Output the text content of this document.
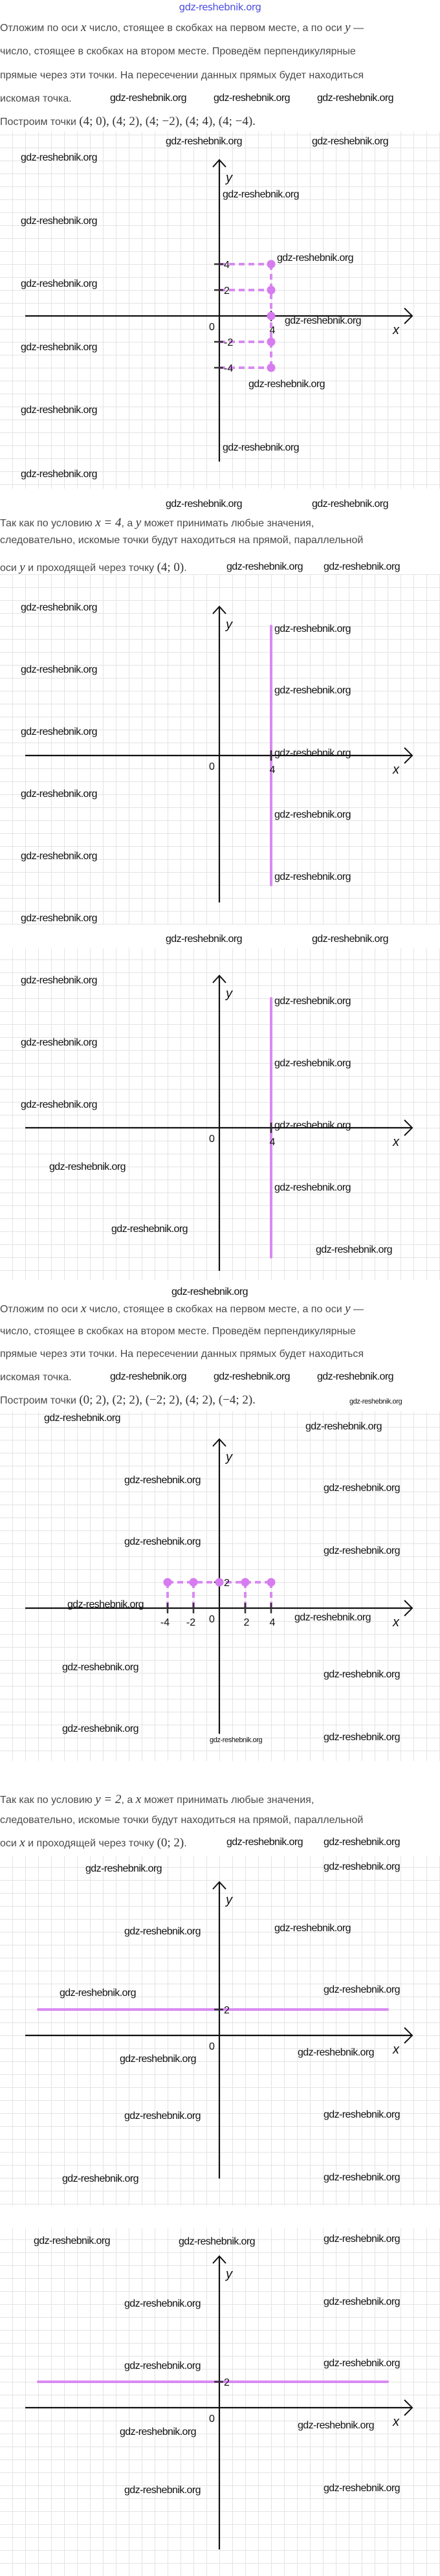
gdz-reshebnik.org
Отложим по оси x число, стоящее в скобках на первом месте, а по оси y —
число, стоящее в скобках на втором месте. Проведём перпендикулярные
прямые через эти точки. На пересечении данных прямых будет находиться
искомая точка.
Построим точки (4; 0), (4; 2), (4; −2), (4; 4), (4; −4).
Так как по условию x = 4, а y может принимать любые значения,
следовательно, искомые точки будут находиться на прямой, параллельной
оси y и проходящей через точку (4; 0).
Отложим по оси x число, стоящее в скобках на первом месте, а по оси y —
число, стоящее в скобках на втором месте. Проведём перпендикулярные
прямые через эти точки. На пересечении данных прямых будет находиться
искомая точка.
Построим точки (0; 2), (2; 2), (−2; 2), (4; 2), (−4; 2).
Так как по условию y = 2, а x может принимать любые значения,
следовательно, искомые точки будут находиться на прямой, параллельной
оси x и проходящей через точку (0; 2).
x
y
0	4
4
2
-2
-4
x
y
0	4
x
y
0	4
x
y
0
-4 -2	2 4
2
x
y
0
2
x
y
0
2
gdz-reshebnik.org	gdz-reshebnik.org	gdz-reshebnik.org
gdz-reshebnik.org	gdz-reshebnik.org
gdz-reshebnik.org
gdz-reshebnik.org
gdz-reshebnik.org
gdz-reshebnik.org
gdz-reshebnik.org
gdz-reshebnik.org
gdz-reshebnik.org
gdz-reshebnik.org
gdz-reshebnik.org
gdz-reshebnik.org
gdz-reshebnik.org
gdz-reshebnik.org	gdz-reshebnik.org
gdz-reshebnik.org gdz-reshebnik.org
gdz-reshebnik.org
gdz-reshebnik.org
gdz-reshebnik.org
gdz-reshebnik.org
gdz-reshebnik.org
gdz-reshebnik.org
gdz-reshebnik.org
gdz-reshebnik.org
gdz-reshebnik.org
gdz-reshebnik.org
gdz-reshebnik.org
gdz-reshebnik.org	gdz-reshebnik.org
gdz-reshebnik.org
gdz-reshebnik.org
gdz-reshebnik.org
gdz-reshebnik.org
gdz-reshebnik.org
gdz-reshebnik.org
gdz-reshebnik.org
gdz-reshebnik.org
gdz-reshebnik.org
gdz-reshebnik.org
gdz-reshebnik.org
gdz-reshebnik.org	gdz-reshebnik.org	gdz-reshebnik.org
gdz-reshebnik.org
gdz-reshebnik.org
gdz-reshebnik.org
gdz-reshebnik.org
gdz-reshebnik.org
gdz-reshebnik.org
gdz-reshebnik.org
gdz-reshebnik.org
gdz-reshebnik.org
gdz-reshebnik.org
gdz-reshebnik.org
gdz-reshebnik.org
gdz-reshebnik.org	gdz-reshebnik.org
gdz-reshebnik.org gdz-reshebnik.org
gdz-reshebnik.org	gdz-reshebnik.org
gdz-reshebnik.org	gdz-reshebnik.org
gdz-reshebnik.org	gdz-reshebnik.org
gdz-reshebnik.org
gdz-reshebnik.org
gdz-reshebnik.org	gdz-reshebnik.org
gdz-reshebnik.org	gdz-reshebnik.org
gdz-reshebnik.org	gdz-reshebnik.org	gdz-reshebnik.org
gdz-reshebnik.org	gdz-reshebnik.org
gdz-reshebnik.org	gdz-reshebnik.org
gdz-reshebnik.org
gdz-reshebnik.org
gdz-reshebnik.org	gdz-reshebnik.org
